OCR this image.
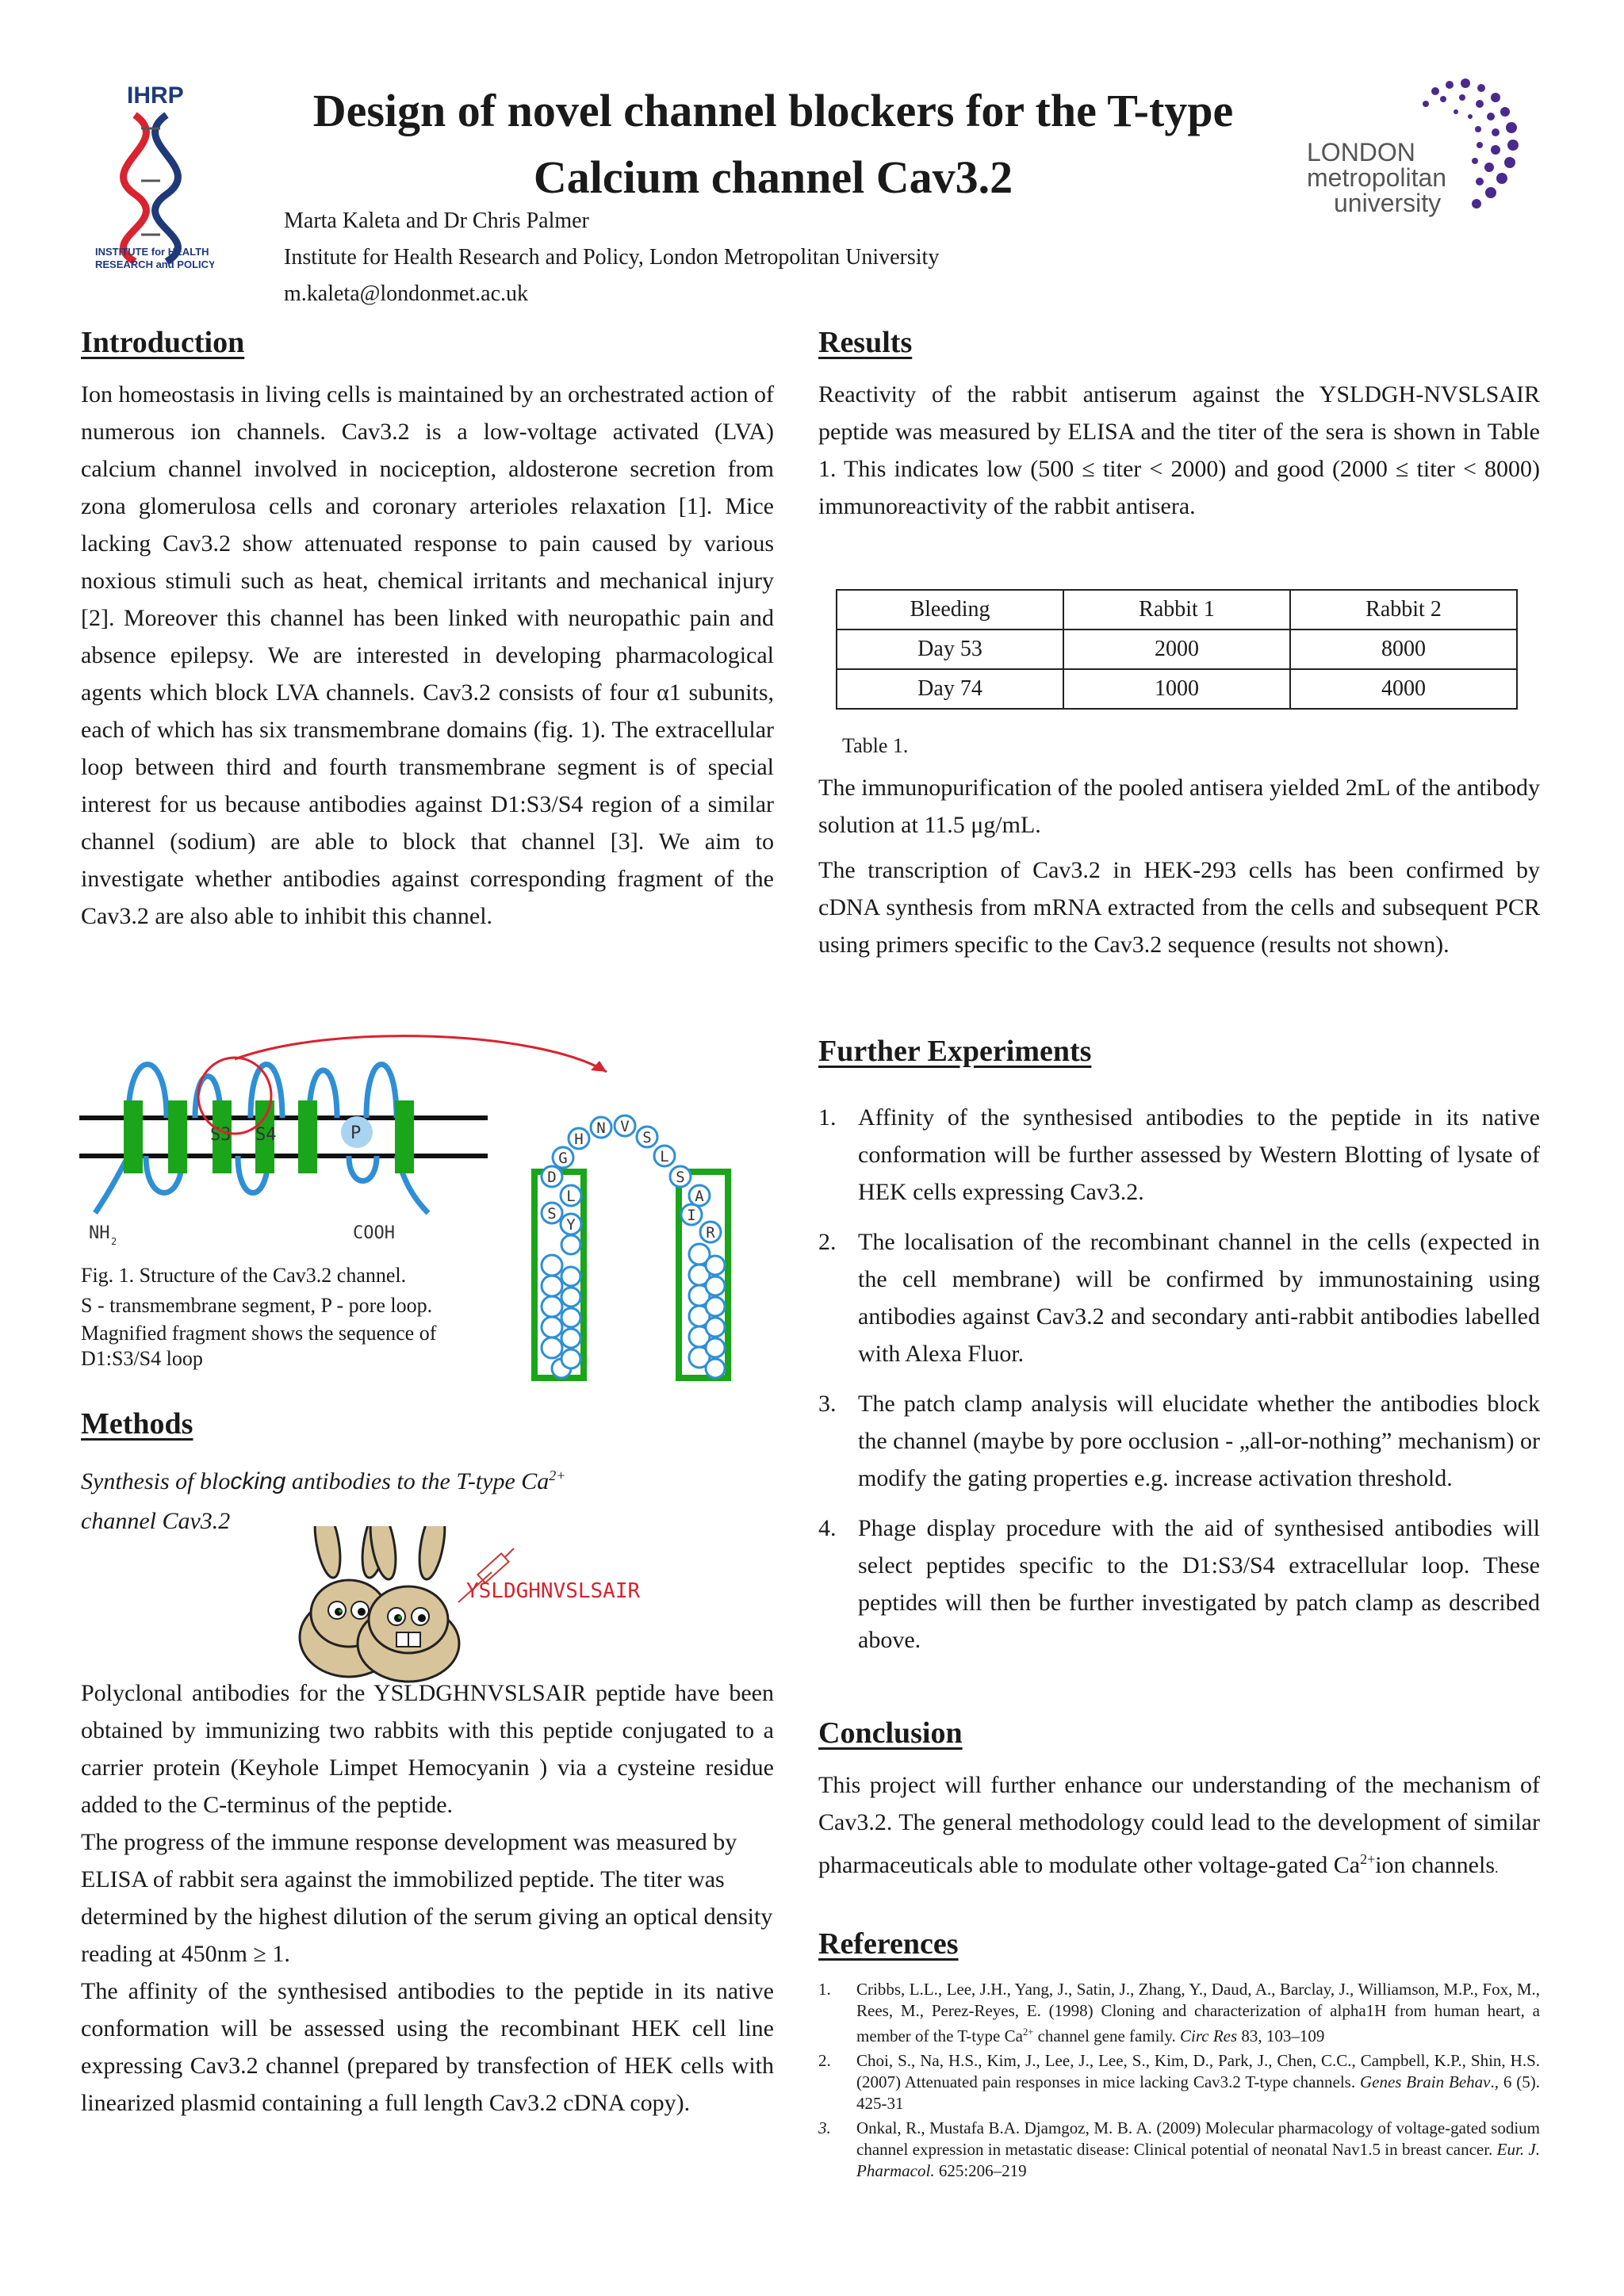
IHRP
INSTITUTE for HEALTH
RESEARCH and POLICY
Design of novel channel blockers for the T-type
Calcium channel Cav3.2
Marta Kaleta and Dr Chris Palmer
Institute for Health Research and Policy, London Metropolitan University
m.kaleta@londonmet.ac.uk
LONDON
metropolitan
university
Introduction

Ion homeostasis in living cells is maintained by an orchestrated action of numerous ion channels. Cav3.2 is a low-voltage activated (LVA) calcium channel involved in nociception, aldosterone secretion from zona glomerulosa cells and coronary arterioles relaxation [1]. Mice lacking Cav3.2 show attenuated response to pain caused by various noxious stimuli such as heat, chemical irritants and mechanical injury [2]. Moreover this channel has been linked with neuropathic pain and absence epilepsy. We are interested in developing pharmacological agents which block LVA channels. Cav3.2 consists of four α1 subunits, each of which has six transmembrane domains (fig. 1). The extracellular loop between third and fourth transmembrane segment is of special interest for us because antibodies against D1:S3/S4 region of a similar channel (sodium) are able to block that channel [3]. We aim to investigate whether antibodies against corresponding fragment of the Cav3.2 are also able to inhibit this channel.

S3 S4	P
NH 2	COOH	Y
S
L
D
G
H
N V
S
L
S
A
I
R
Fig. 1. Structure of the Cav3.2 channel.
S - transmembrane segment, P - pore loop.
Magnified fragment shows the sequence of D1:S3/S4 loop
Methods
Synthesis of blocking antibodies to the T-type $Ca^{2+}$
channel Cav3.2
YSLDGHNVSLSAIR

Polyclonal antibodies for the YSLDGHNVSLSAIR peptide have been obtained by immunizing two rabbits with this peptide conjugated to a carrier protein (Keyhole Limpet Hemocyanin ) via a cysteine residue added to the C-terminus of the peptide.

The progress of the immune response development was measured by ELISA of rabbit sera against the immobilized peptide. The titer was determined by the highest dilution of the serum giving an optical density reading at 450nm ≥ 1.

The affinity of the synthesised antibodies to the peptide in its native conformation will be assessed using the recombinant HEK cell line expressing Cav3.2 channel (prepared by transfection of HEK cells with linearized plasmid containing a full length Cav3.2 cDNA copy).

Results

Reactivity of the rabbit antiserum against the YSLDGH-NVSLSAIR peptide was measured by ELISA and the titer of the sera is shown in Table 1. This indicates low (500 ≤ titer < 2000) and good (2000 ≤ titer < 8000) immunoreactivity of the rabbit antisera.

Bleeding	Rabbit 1	Rabbit 2
Day 53	2000	8000
Day 74	1000	4000
Table 1.

The immunopurification of the pooled antisera yielded 2mL of the antibody solution at 11.5 μg/mL.

The transcription of Cav3.2 in HEK-293 cells has been confirmed by cDNA synthesis from mRNA extracted from the cells and subsequent PCR using primers specific to the Cav3.2 sequence (results not shown).

Further Experiments
1. Affinity of the synthesised antibodies to the peptide in its native conformation will be further assessed by Western Blotting of lysate of HEK cells expressing Cav3.2.
2. The localisation of the recombinant channel in the cells (expected in the cell membrane) will be confirmed by immunostaining using antibodies against Cav3.2 and secondary anti-rabbit antibodies labelled with Alexa Fluor.
3. The patch clamp analysis will elucidate whether the antibodies block the channel (maybe by pore occlusion - „all-or-nothing” mechanism) or modify the gating properties e.g. increase activation threshold.
4. Phage display procedure with the aid of synthesised antibodies will select peptides specific to the D1:S3/S4 extracellular loop. These peptides will then be further investigated by patch clamp as described above.
Conclusion

This project will further enhance our understanding of the mechanism of Cav3.2. The general methodology could lead to the development of similar pharmaceuticals able to modulate other voltage-gated $Ca^{2+}ion$ channels.

References
1. Cribbs, L.L., Lee, J.H., Yang, J., Satin, J., Zhang, Y., Daud, A., Barclay, J., Williamson, M.P., Fox, M., Rees, M., Perez-Reyes, E. (1998) Cloning and characterization of alpha1H from human heart, a member of the T-type $Ca^{2+}$ channel gene family. Circ Res 83, 103–109
2. Choi, S., Na, H.S., Kim, J., Lee, J., Lee, S., Kim, D., Park, J., Chen, C.C., Campbell, K.P., Shin, H.S. (2007) Attenuated pain responses in mice lacking Cav3.2 T-type channels. Genes Brain Behav., 6 (5). 425-31
3. Onkal, R., Mustafa B.A. Djamgoz, M. B. A. (2009) Molecular pharmacology of voltage-gated sodium channel expression in metastatic disease: Clinical potential of neonatal Nav1.5 in breast cancer. Eur. J. Pharmacol. 625:206–219
